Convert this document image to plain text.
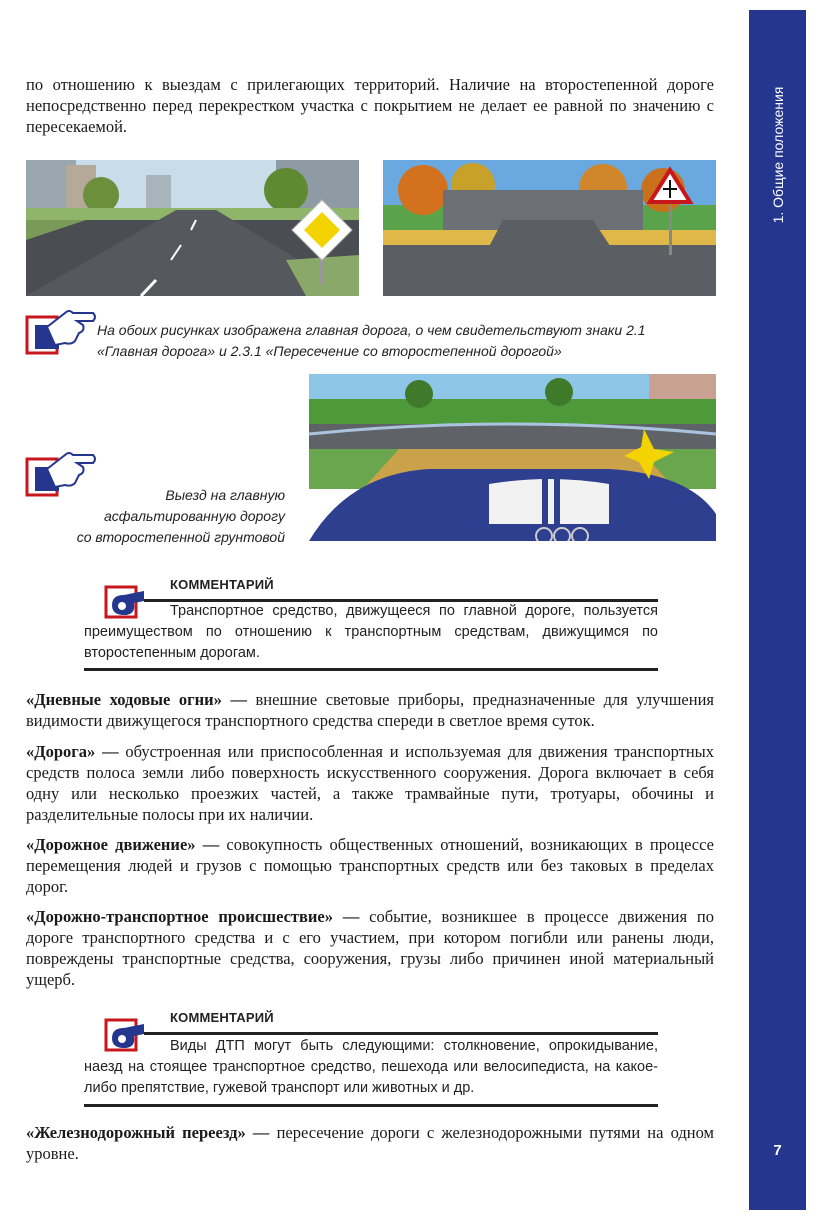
1. Общие положения
7

по отношению к выездам с прилегающих территорий. Наличие на второстепенной дороге непосредственно перед перекрестком участка с покрытием не делает ее равной по значению с пересекаемой.

На обоих рисунках изображена главная дорога, о чем свидетельствуют знаки 2.1
«Главная дорога» и 2.3.1 «Пересечение со второстепенной дорогой»
Выезд на главную
асфальтированную дорогу
со второстепенной грунтовой
КОММЕНТАРИЙ
Транспортное средство, движущееся по главной дороге, пользуется преимуществом по отношению к транспортным средствам, движущимся по второстепенным дорогам.

«Дневные ходовые огни» — внешние световые приборы, предназначенные для улучшения видимости движущегося транспортного средства спереди в светлое время суток.

«Дорога» — обустроенная или приспособленная и используемая для движения транспортных средств полоса земли либо поверхность искусственного сооружения. Дорога включает в себя одну или несколько проезжих частей, а также трамвайные пути, тротуары, обочины и разделительные полосы при их наличии.

«Дорожное движение» — совокупность общественных отношений, возникающих в процессе перемещения людей и грузов с помощью транспортных средств или без таковых в пределах дорог.

«Дорожно-транспортное происшествие» — событие, возникшее в процессе движения по дороге транспортного средства и с его участием, при котором погибли или ранены люди, повреждены транспортные средства, сооружения, грузы либо причинен иной материальный ущерб.

КОММЕНТАРИЙ
Виды ДТП могут быть следующими: столкновение, опрокидывание, наезд на стоящее транспортное средство, пешехода или велосипедиста, на какое-либо препятствие, гужевой транспорт или животных и др.

«Железнодорожный переезд» — пересечение дороги с железнодорожными путями на одном уровне.
